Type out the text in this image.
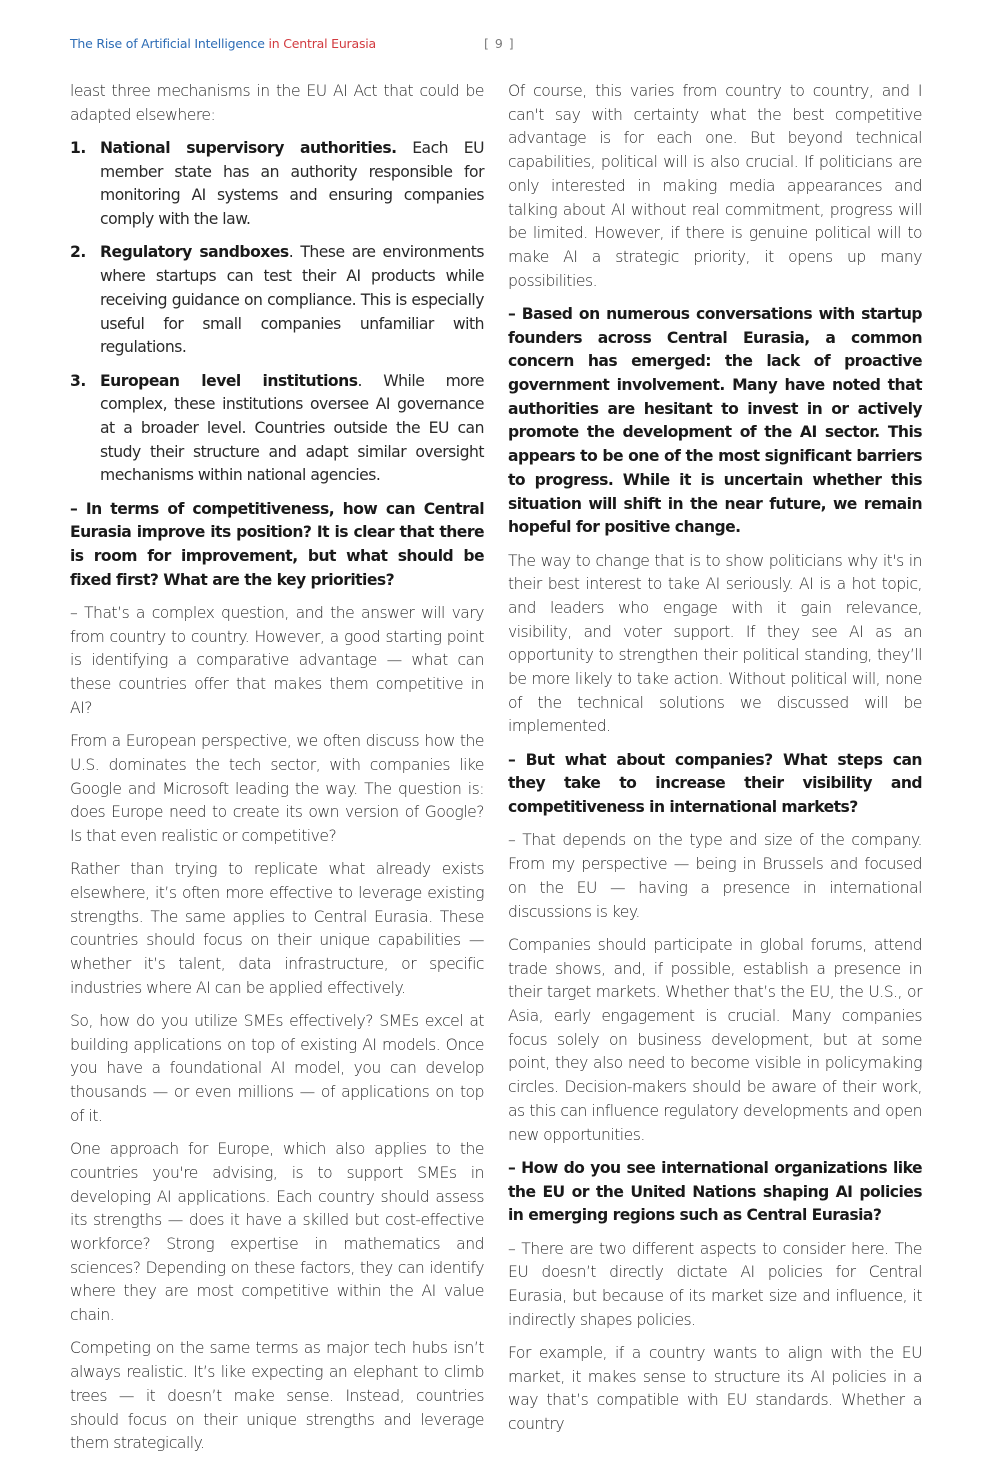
The Rise of Artificial Intelligence in Central Eurasia	[ 9 ]

least three mechanisms in the EU AI Act that could be adapted elsewhere:

1. National supervisory authorities. Each EU member state has an authority responsible for monitoring AI systems and ensuring companies comply with the law.
2. Regulatory sandboxes. These are environments where startups can test their AI products while receiving guidance on compliance. This is especially useful for small companies unfamiliar with regulations.
3. European level institutions. While more complex, these institutions oversee AI governance at a broader level. Countries outside the EU can study their structure and adapt similar oversight mechanisms within national agencies.

– In terms of competitiveness, how can Central Eurasia improve its position? It is clear that there is room for improvement, but what should be fixed first? What are the key priorities?

– That’s a complex question, and the answer will vary from country to country. However, a good starting point is identifying a comparative advantage — what can these countries offer that makes them competitive in AI?

From a European perspective, we often discuss how the U.S. dominates the tech sector, with companies like Google and Microsoft leading the way. The question is: does Europe need to create its own version of Google? Is that even realistic or competitive?

Rather than trying to replicate what already exists elsewhere, it’s often more effective to leverage existing strengths. The same applies to Central Eurasia. These countries should focus on their unique capabilities — whether it’s talent, data infrastructure, or specific industries where AI can be applied effectively.

So, how do you utilize SMEs effectively? SMEs excel at building applications on top of existing AI models. Once you have a foundational AI model, you can develop thousands — or even millions — of applications on top of it.

One approach for Europe, which also applies to the countries you're advising, is to support SMEs in developing AI applications. Each country should assess its strengths — does it have a skilled but cost-effective workforce? Strong expertise in mathematics and sciences? Depending on these factors, they can identify where they are most competitive within the AI value chain.

Competing on the same terms as major tech hubs isn’t always realistic. It’s like expecting an elephant to climb trees — it doesn’t make sense. Instead, countries should focus on their unique strengths and leverage them strategically.

Of course, this varies from country to country, and I can't say with certainty what the best competitive advantage is for each one. But beyond technical capabilities, political will is also crucial. If politicians are only interested in making media appearances and talking about AI without real commitment, progress will be limited. However, if there is genuine political will to make AI a strategic priority, it opens up many possibilities.

– Based on numerous conversations with startup founders across Central Eurasia, a common concern has emerged: the lack of proactive government involvement. Many have noted that authorities are hesitant to invest in or actively promote the development of the AI sector. This appears to be one of the most significant barriers to progress. While it is uncertain whether this situation will shift in the near future, we remain hopeful for positive change.

The way to change that is to show politicians why it's in their best interest to take AI seriously. AI is a hot topic, and leaders who engage with it gain relevance, visibility, and voter support. If they see AI as an opportunity to strengthen their political standing, they’ll be more likely to take action. Without political will, none of the technical solutions we discussed will be implemented.

– But what about companies? What steps can they take to increase their visibility and competitiveness in international markets?

– That depends on the type and size of the company. From my perspective — being in Brussels and focused on the EU — having a presence in international discussions is key.

Companies should participate in global forums, attend trade shows, and, if possible, establish a presence in their target markets. Whether that’s the EU, the U.S., or Asia, early engagement is crucial. Many companies focus solely on business development, but at some point, they also need to become visible in policymaking circles. Decision-makers should be aware of their work, as this can influence regulatory developments and open new opportunities.

– How do you see international organizations like the EU or the United Nations shaping AI policies in emerging regions such as Central Eurasia?

– There are two different aspects to consider here. The EU doesn’t directly dictate AI policies for Central Eurasia, but because of its market size and influence, it indirectly shapes policies.

For example, if a country wants to align with the EU market, it makes sense to structure its AI policies in a way that’s compatible with EU standards. Whether a country
